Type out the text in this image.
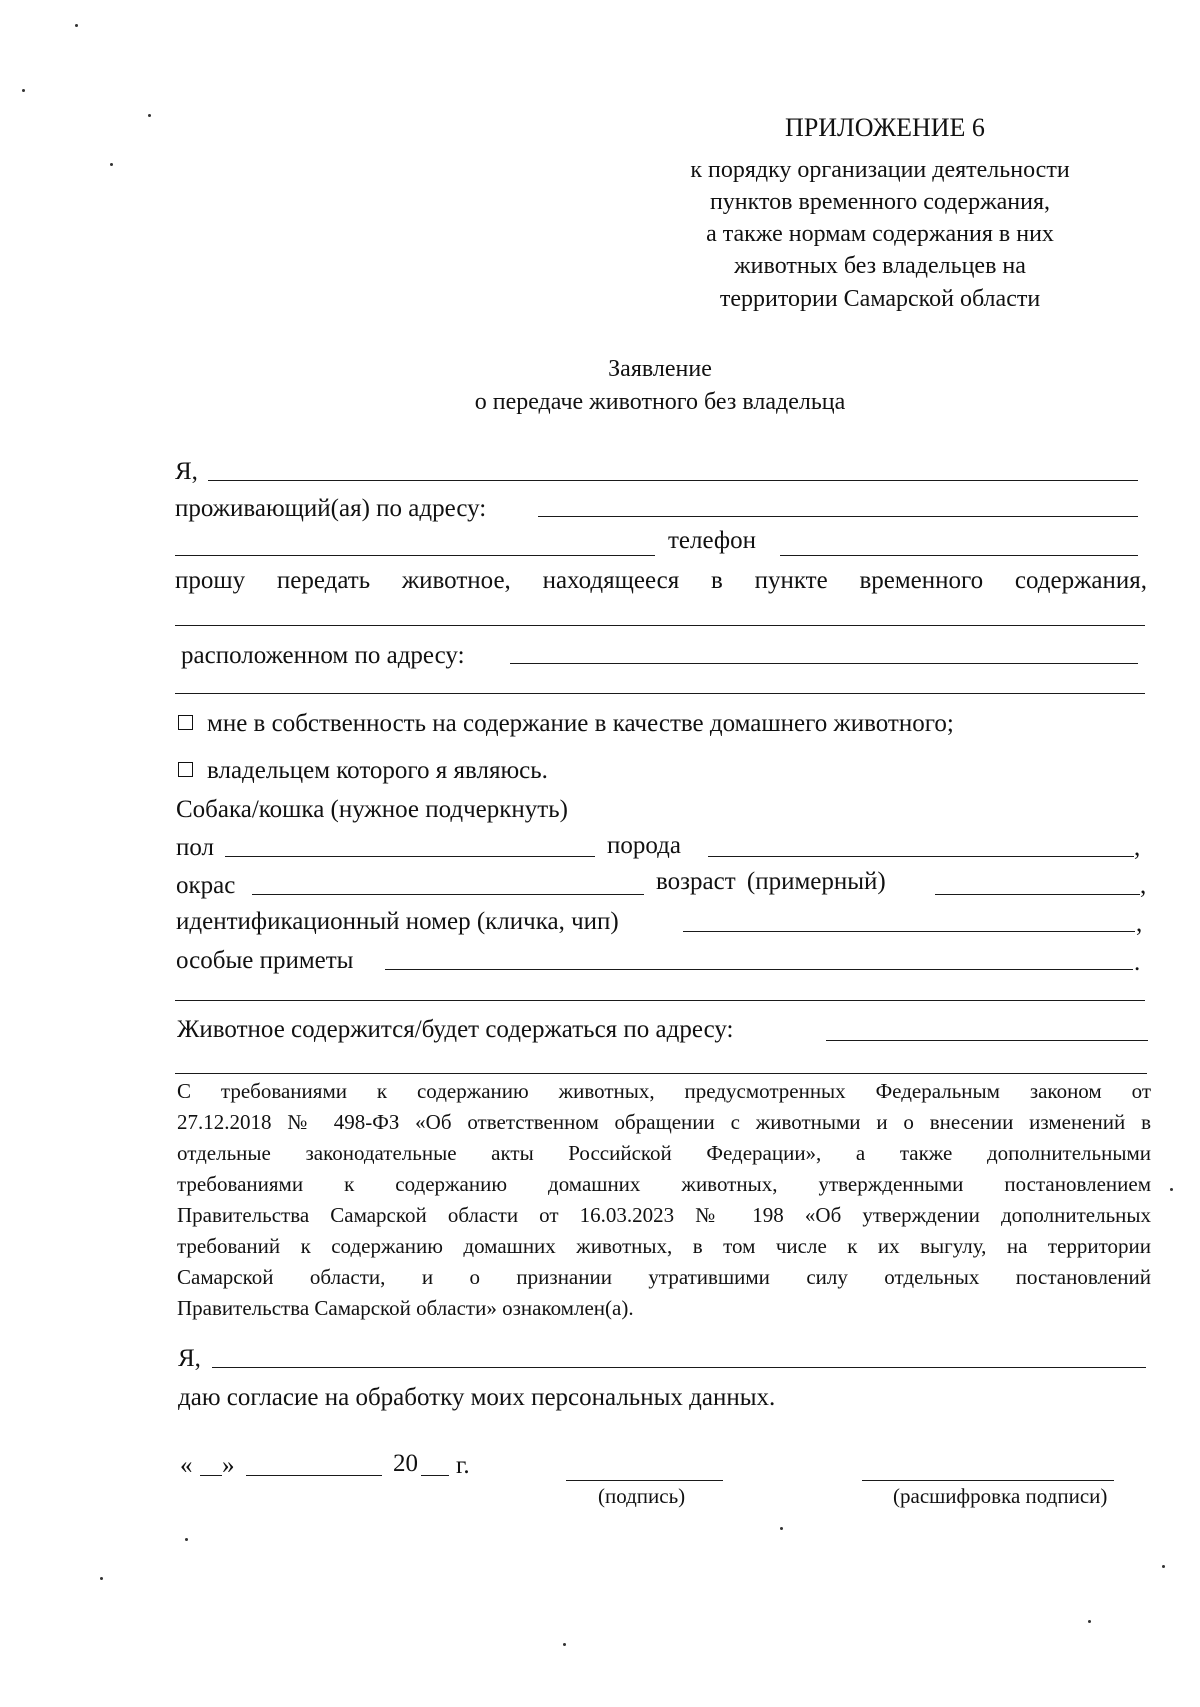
ПРИЛОЖЕНИЕ 6
к порядку организации деятельности
пунктов временного содержания,
а также нормам содержания в них
животных без владельцев на
территории Самарской области
Заявление
о передаче животного без владельца
Я,
проживающий(ая) по адресу:
телефон
прошу передать животное, находящееся в пункте временного содержания,
расположенном по адресу:
мне в собственность на содержание в качестве домашнего животного;
владельцем которого я являюсь.
Собака/кошка (нужное подчеркнуть)
пол	порода	,
окрас	возраст (примерный)	,
идентификационный номер (кличка, чип)	,
особые приметы	.
Животное содержится/будет содержаться по адресу:
С требованиями к содержанию животных, предусмотренных Федеральным законом от
27.12.2018 № 498-ФЗ «Об ответственном обращении с животными и о внесении изменений в
отдельные законодательные акты Российской Федерации», а также дополнительными
требованиями к содержанию домашних животных, утвержденными постановлением
Правительства Самарской области от 16.03.2023 № 198 «Об утверждении дополнительных
требований к содержанию домашних животных, в том числе к их выгулу, на территории
Самарской области, и о признании утратившими силу отдельных постановлений
Правительства Самарской области» ознакомлен(а).
Я,
даю согласие на обработку моих персональных данных.
« »	20 г.
(подпись)	(расшифровка подписи)
